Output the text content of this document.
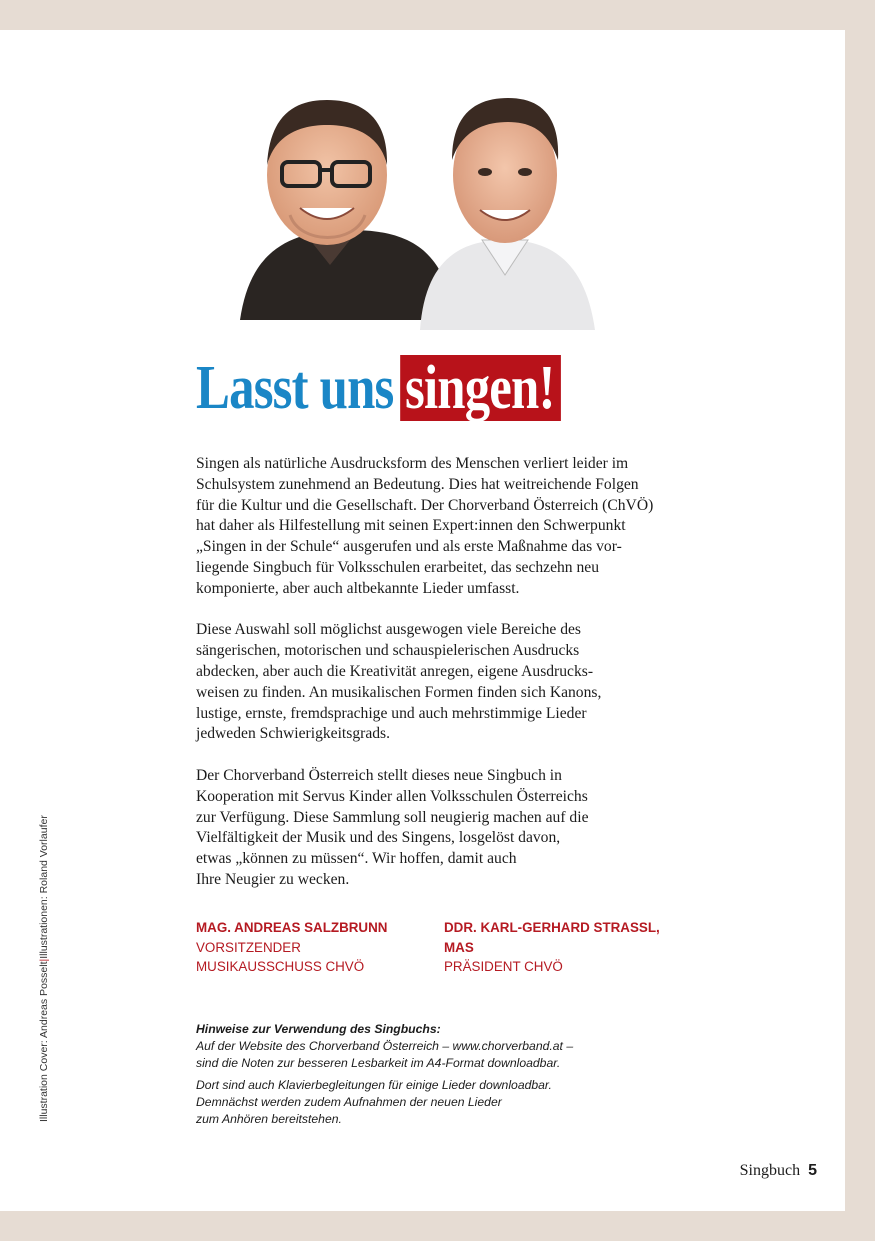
Illustration Cover: Andreas Posselt|Illustrationen: Roland Vorlaufer
Lasst uns singen!

Singen als natürliche Ausdrucksform des Menschen verliert leider im
Schulsystem zunehmend an Bedeutung. Dies hat weitreichende Folgen
für die Kultur und die Gesellschaft. Der Chorverband Österreich (ChVÖ)
hat daher als Hilfestellung mit seinen Expert:innen den Schwerpunkt
„Singen in der Schule“ ausgerufen und als erste Maßnahme das vor-
liegende Singbuch für Volksschulen erarbeitet, das sechzehn neu
komponierte, aber auch altbekannte Lieder umfasst.

Diese Auswahl soll möglichst ausgewogen viele Bereiche des
sängerischen, motorischen und schauspielerischen Ausdrucks
abdecken, aber auch die Kreativität anregen, eigene Ausdrucks-
weisen zu finden. An musikalischen Formen finden sich Kanons,
lustige, ernste, fremdsprachige und auch mehrstimmige Lieder
jedweden Schwierigkeitsgrads.

Der Chorverband Österreich stellt dieses neue Singbuch in
Kooperation mit Servus Kinder allen Volksschulen Österreichs
zur Verfügung. Diese Sammlung soll neugierig machen auf die
Vielfältigkeit der Musik und des Singens, losgelöst davon,
etwas „können zu müssen“. Wir hoffen, damit auch
Ihre Neugier zu wecken.

MAG. ANDREAS SALZBRUNN
VORSITZENDER
MUSIKAUSSCHUSS CHVÖ
DDR. KARL-GERHARD STRASSL,
MAS
PRÄSIDENT CHVÖ
Hinweise zur Verwendung des Singbuchs:
Auf der Website des Chorverband Österreich – www.chorverband.at –
sind die Noten zur besseren Lesbarkeit im A4-Format downloadbar.
Dort sind auch Klavierbegleitungen für einige Lieder downloadbar.
Demnächst werden zudem Aufnahmen der neuen Lieder
zum Anhören bereitstehen.
Singbuch 5
